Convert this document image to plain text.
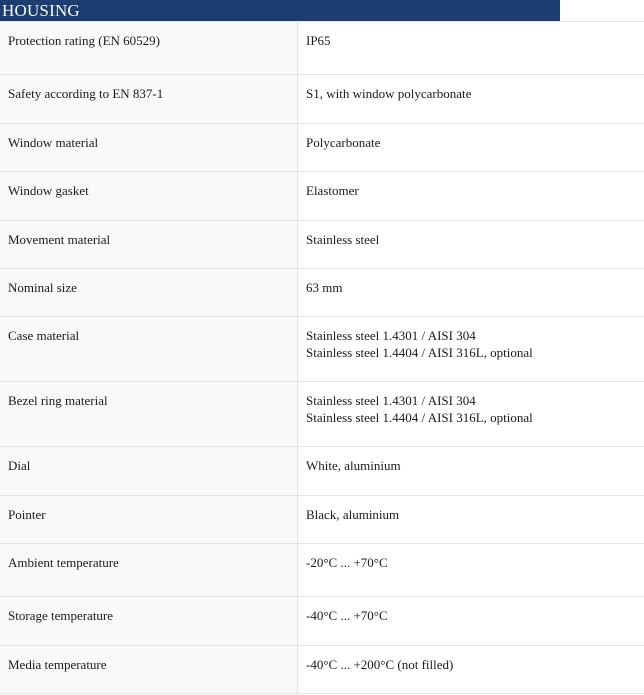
HOUSING
Protection rating (EN 60529)	IP65

Safety according to EN 837-1	S1, with window polycarbonate

Window material	Polycarbonate

Window gasket	Elastomer

Movement material	Stainless steel

Nominal size	63 mm

Case material	Stainless steel 1.4301 / AISI 304
Stainless steel 1.4404 / AISI 316L, optional

Bezel ring material	Stainless steel 1.4301 / AISI 304
Stainless steel 1.4404 / AISI 316L, optional

Dial	White, aluminium

Pointer	Black, aluminium

Ambient temperature	-20°C ... +70°C

Storage temperature	-40°C ... +70°C

Media temperature	-40°C ... +200°C (not filled)
